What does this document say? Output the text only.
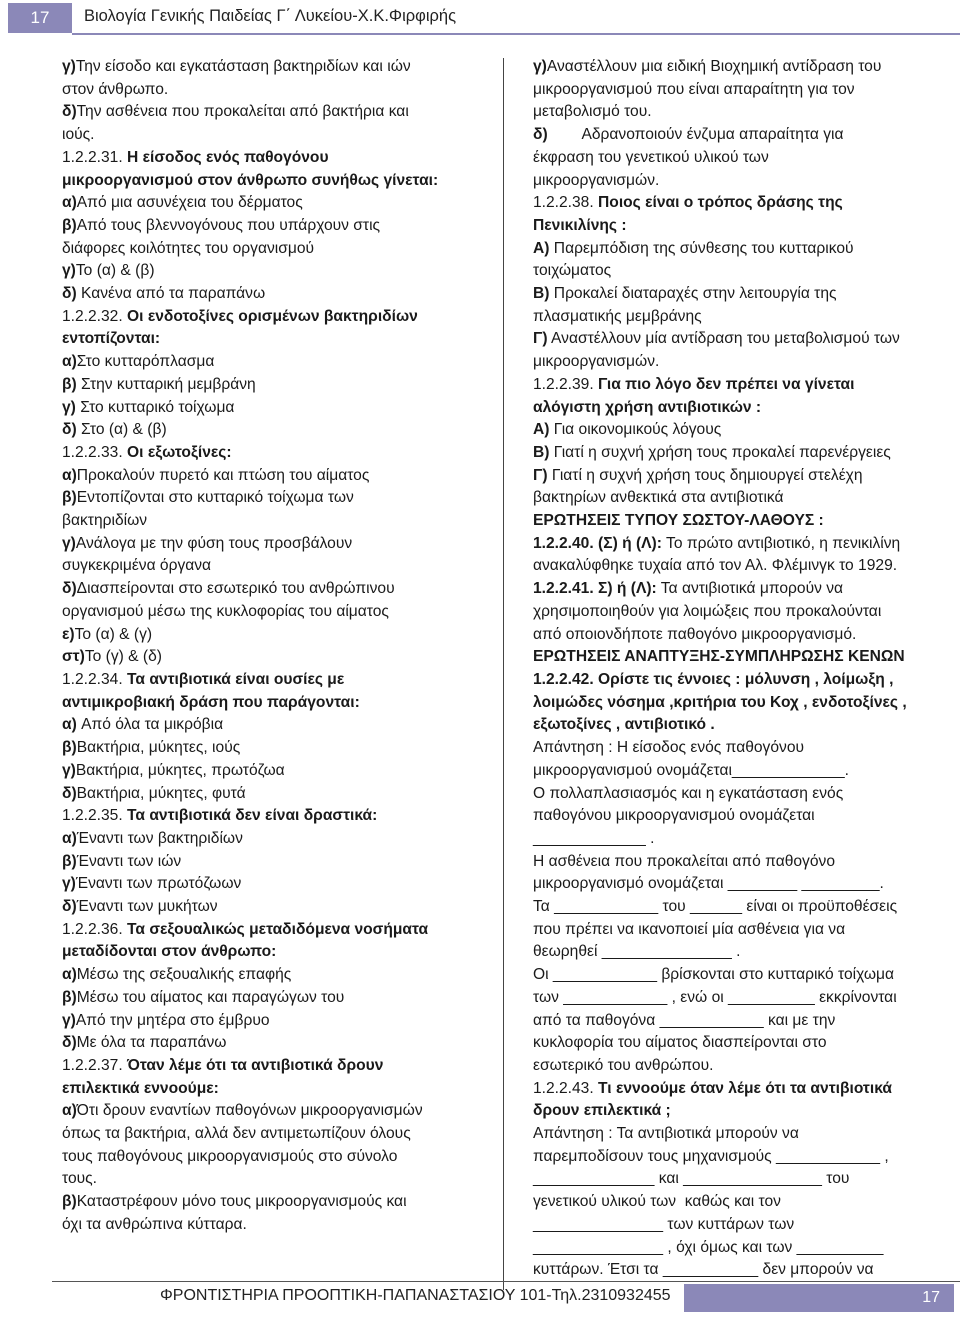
17	Βιολογία Γενικής Παιδείας Γ΄ Λυκείου-Χ.Κ.Φιρφιρής
γ)Την είσοδο και εγκατάσταση βακτηριδίων και ιών
στον άνθρωπο.
δ)Την ασθένεια που προκαλείται από βακτήρια και
ιούς.
1.2.2.31. Η είσοδος ενός παθογόνου
μικροοργανισμού στον άνθρωπο συνήθως γίνεται:
α)Από μια ασυνέχεια του δέρματος
β)Από τους βλεννογόνους που υπάρχουν στις
διάφορες κοιλότητες του οργανισμού
γ)Το (α) & (β)
δ) Κανένα από τα παραπάνω
1.2.2.32. Οι ενδοτοξίνες ορισμένων βακτηριδίων
εντοπίζονται:
α)Στο κυτταρόπλασμα
β) Στην κυτταρική μεμβράνη
γ) Στο κυτταρικό τοίχωμα
δ) Στο (α) & (β)
1.2.2.33. Οι εξωτοξίνες:
α)Προκαλούν πυρετό και πτώση του αίματος
β)Εντοπίζονται στο κυτταρικό τοίχωμα των
βακτηριδίων
γ)Ανάλογα με την φύση τους προσβάλουν
συγκεκριμένα όργανα
δ)Διασπείρονται στο εσωτερικό του ανθρώπινου
οργανισμού μέσω της κυκλοφορίας του αίματος
ε)Το (α) & (γ)
στ)Το (γ) & (δ)
1.2.2.34. Τα αντιβιοτικά είναι ουσίες με
αντιμικροβιακή δράση που παράγονται:
α) Από όλα τα μικρόβια
β)Βακτήρια, μύκητες, ιούς
γ)Βακτήρια, μύκητες, πρωτόζωα
δ)Βακτήρια, μύκητες, φυτά
1.2.2.35. Τα αντιβιοτικά δεν είναι δραστικά:
α)Έναντι των βακτηριδίων
β)Έναντι των ιών
γ)Έναντι των πρωτόζωων
δ)Έναντι των μυκήτων
1.2.2.36. Τα σεξουαλικώς μεταδιδόμενα νοσήματα
μεταδίδονται στον άνθρωπο:
α)Μέσω της σεξουαλικής επαφής
β)Μέσω του αίματος και παραγώγων του
γ)Από την μητέρα στο έμβρυο
δ)Με όλα τα παραπάνω
1.2.2.37. Όταν λέμε ότι τα αντιβιοτικά δρουν
επιλεκτικά εννοούμε:
α)Ότι δρουν εναντίων παθογόνων μικροοργανισμών
όπως τα βακτήρια, αλλά δεν αντιμετωπίζουν όλους
τους παθογόνους μικροοργανισμούς στο σύνολο
τους.
β)Καταστρέφουν μόνο τους μικροοργανισμούς και
όχι τα ανθρώπινα κύτταρα.
γ)Αναστέλλουν μια ειδική Βιοχημική αντίδραση του
μικροοργανισμού που είναι απαραίτητη για τον
μεταβολισμό του.
δ)        Αδρανοποιούν ένζυμα απαραίτητα για
έκφραση του γενετικού υλικού των
μικροοργανισμών.
1.2.2.38. Ποιος είναι ο τρόπος δράσης της
Πενικιλίνης :
Α) Παρεμπόδιση της σύνθεσης του κυτταρικού
τοιχώματος
Β) Προκαλεί διαταραχές στην λειτουργία της
πλασματικής μεμβράνης
Γ) Αναστέλλουν μία αντίδραση του μεταβολισμού των
μικροοργανισμών.
1.2.2.39. Για πιο λόγο δεν πρέπει να γίνεται
αλόγιστη χρήση αντιβιοτικών :
Α) Για οικονομικούς λόγους
Β) Γιατί η συχνή χρήση τους προκαλεί παρενέργειες
Γ) Γιατί η συχνή χρήση τους δημιουργεί στελέχη
βακτηρίων ανθεκτικά στα αντιβιοτικά
ΕΡΩΤΗΣΕΙΣ ΤΥΠΟΥ ΣΩΣΤΟΥ-ΛΑΘΟΥΣ :
1.2.2.40. (Σ) ή (Λ): Το πρώτο αντιβιοτικό, η πενικιλίνη
ανακαλύφθηκε τυχαία από τον Αλ. Φλέμινγκ το 1929.
1.2.2.41. Σ) ή (Λ): Τα αντιβιοτικά μπορούν να
χρησιμοποιηθούν για λοιμώξεις που προκαλούνται
από οποιονδήποτε παθογόνο μικροοργανισμό.
ΕΡΩΤΗΣΕΙΣ ΑΝΑΠΤΥΞΗΣ-ΣΥΜΠΛΗΡΩΣΗΣ ΚΕΝΩΝ
1.2.2.42. Ορίστε τις έννοιες : μόλυνση , λοίμωξη ,
λοιμώδες νόσημα ,κριτήρια του Κοχ , ενδοτοξίνες ,
εξωτοξίνες , αντιβιοτικό .
Απάντηση : Η είσοδος ενός παθογόνου
μικροοργανισμού ονομάζεται_____________.
Ο πολλαπλασιασμός και η εγκατάσταση ενός
παθογόνου μικροοργανισμού ονομάζεται
_____________ .
Η ασθένεια που προκαλείται από παθογόνο
μικροοργανισμό ονομάζεται ________ _________.
Τα ____________ του ______ είναι οι προϋποθέσεις
που πρέπει να ικανοποιεί μία ασθένεια για να
θεωρηθεί _______________ .
Οι ____________ βρίσκονται στο κυτταρικό τοίχωμα
των ____________ , ενώ οι __________ εκκρίνονται
από τα παθογόνα ____________ και με την
κυκλοφορία του αίματος διασπείρονται στο
εσωτερικό του ανθρώπου.
1.2.2.43. Τι εννοούμε όταν λέμε ότι τα αντιβιοτικά
δρουν επιλεκτικά ;
Απάντηση : Τα αντιβιοτικά μπορούν να
παρεμποδίσουν τους μηχανισμούς ____________ ,
______________ και ________________ του
γενετικού υλικού των  καθώς και τον
_______________ των κυττάρων των
_______________ , όχι όμως και των __________
κυττάρων. Έτσι τα ___________ δεν μπορούν να
ΦΡΟΝΤΙΣΤΗΡΙΑ ΠΡΟΟΠΤΙΚΗ-ΠΑΠΑΝΑΣΤΑΣΙΟΥ 101-Τηλ.2310932455	17
